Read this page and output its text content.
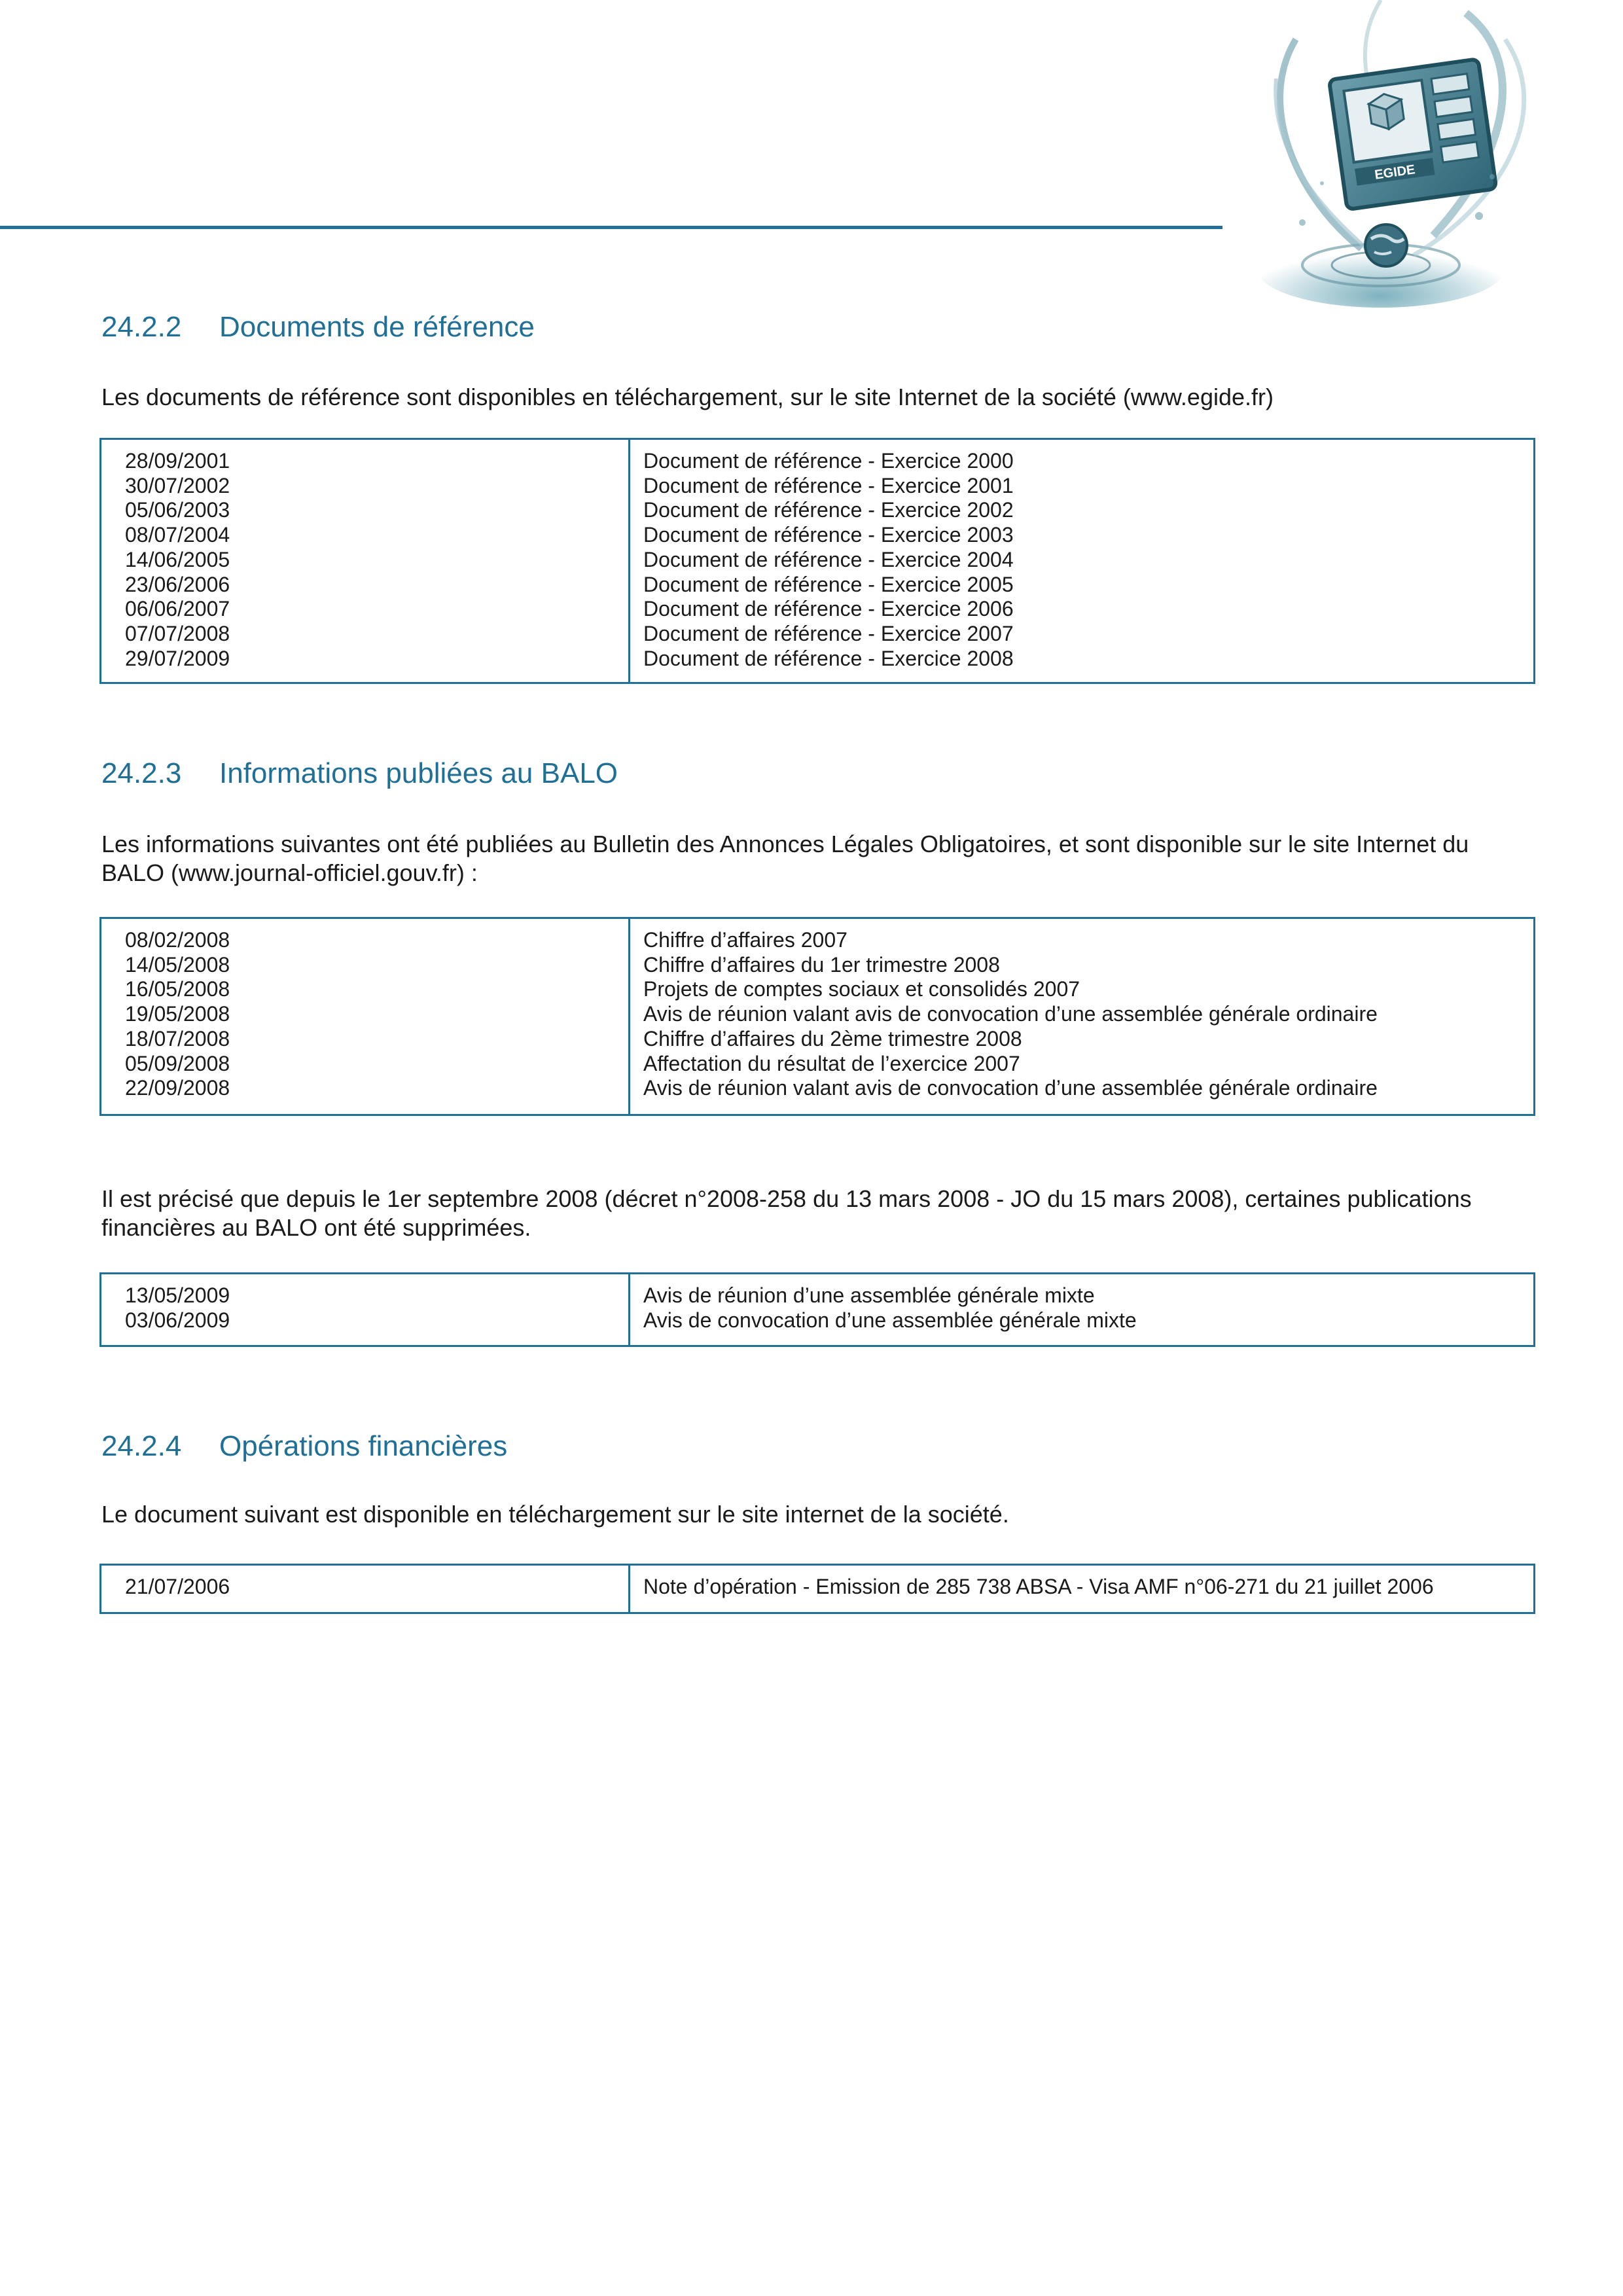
EGIDE
24.2.2 Documents de référence

Les documents de référence sont disponibles en téléchargement, sur le site Internet de la société (www.egide.fr)

28/09/2001
30/07/2002
05/06/2003
08/07/2004
14/06/2005
23/06/2006
06/06/2007
07/07/2008
29/07/2009
Document de référence - Exercice 2000
Document de référence - Exercice 2001
Document de référence - Exercice 2002
Document de référence - Exercice 2003
Document de référence - Exercice 2004
Document de référence - Exercice 2005
Document de référence - Exercice 2006
Document de référence - Exercice 2007
Document de référence - Exercice 2008
24.2.3 Informations publiées au BALO

Les informations suivantes ont été publiées au Bulletin des Annonces Légales Obligatoires, et sont disponible sur le site Internet du BALO (www.journal-officiel.gouv.fr) :

08/02/2008
14/05/2008
16/05/2008
19/05/2008
18/07/2008
05/09/2008
22/09/2008
Chiffre d’affaires 2007
Chiffre d’affaires du 1er trimestre 2008
Projets de comptes sociaux et consolidés 2007
Avis de réunion valant avis de convocation d’une assemblée générale ordinaire
Chiffre d’affaires du 2ème trimestre 2008
Affectation du résultat de l’exercice 2007
Avis de réunion valant avis de convocation d’une assemblée générale ordinaire

Il est précisé que depuis le 1er septembre 2008 (décret n°2008-258 du 13 mars 2008 - JO du 15 mars 2008), certaines publications financières au BALO ont été supprimées.

13/05/2009
03/06/2009
Avis de réunion d’une assemblée générale mixte
Avis de convocation d’une assemblée générale mixte
24.2.4 Opérations financières

Le document suivant est disponible en téléchargement sur le site internet de la société.

21/07/2006	Note d’opération - Emission de 285 738 ABSA - Visa AMF n°06-271 du 21 juillet 2006
